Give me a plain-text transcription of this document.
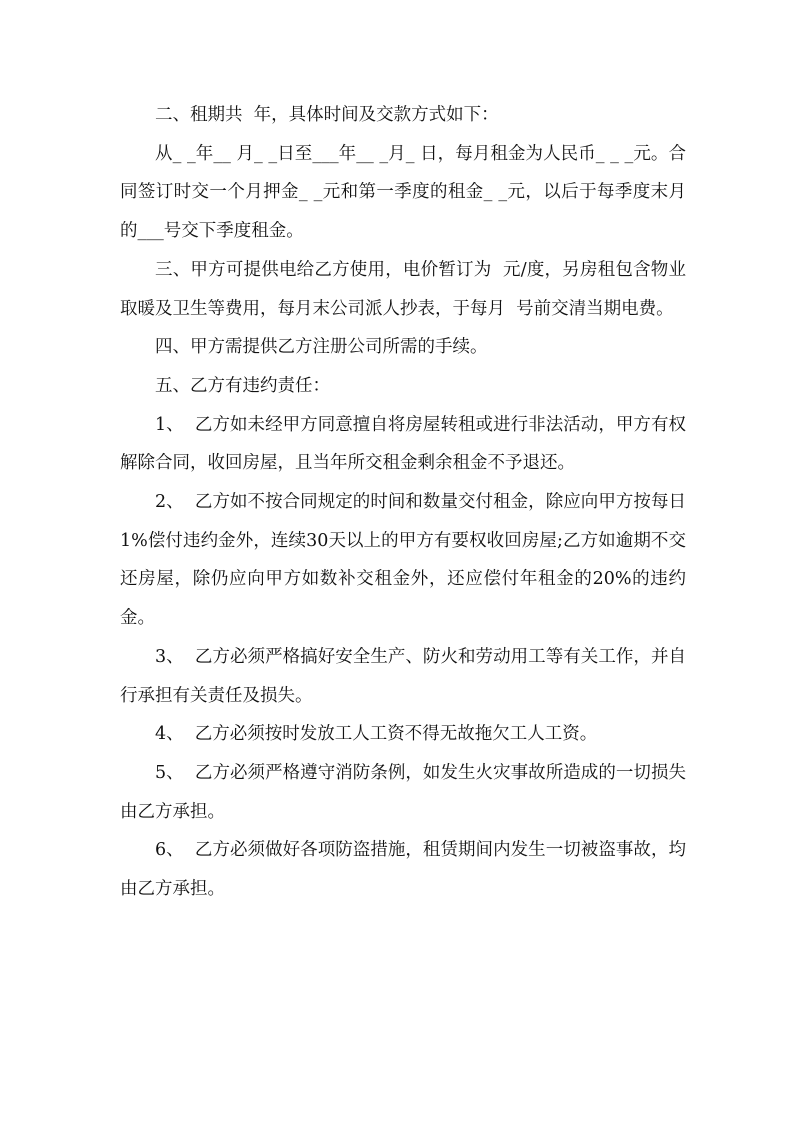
二、租期共  年，具体时间及交款方式如下：

从_ _年__ 月_ _日至___年__ _月_ 日，每月租金为人民币_ _ _元。合同签订时交一个月押金_ _元和第一季度的租金_ _元，以后于每季度末月的___号交下季度租金。

三、甲方可提供电给乙方使用，电价暂订为  元/度，另房租包含物业取暖及卫生等费用，每月末公司派人抄表，于每月  号前交清当期电费。

四、甲方需提供乙方注册公司所需的手续。

五、乙方有违约责任：

1、  乙方如未经甲方同意擅自将房屋转租或进行非法活动，甲方有权解除合同，收回房屋，且当年所交租金剩余租金不予退还。

2、  乙方如不按合同规定的时间和数量交付租金，除应向甲方按每日1%偿付违约金外，连续30天以上的甲方有要权收回房屋;乙方如逾期不交还房屋，除仍应向甲方如数补交租金外，还应偿付年租金的20%的违约金。

3、  乙方必须严格搞好安全生产、防火和劳动用工等有关工作，并自行承担有关责任及损失。

4、  乙方必须按时发放工人工资不得无故拖欠工人工资。

5、  乙方必须严格遵守消防条例，如发生火灾事故所造成的一切损失由乙方承担。

6、  乙方必须做好各项防盗措施，租赁期间内发生一切被盗事故，均由乙方承担。
